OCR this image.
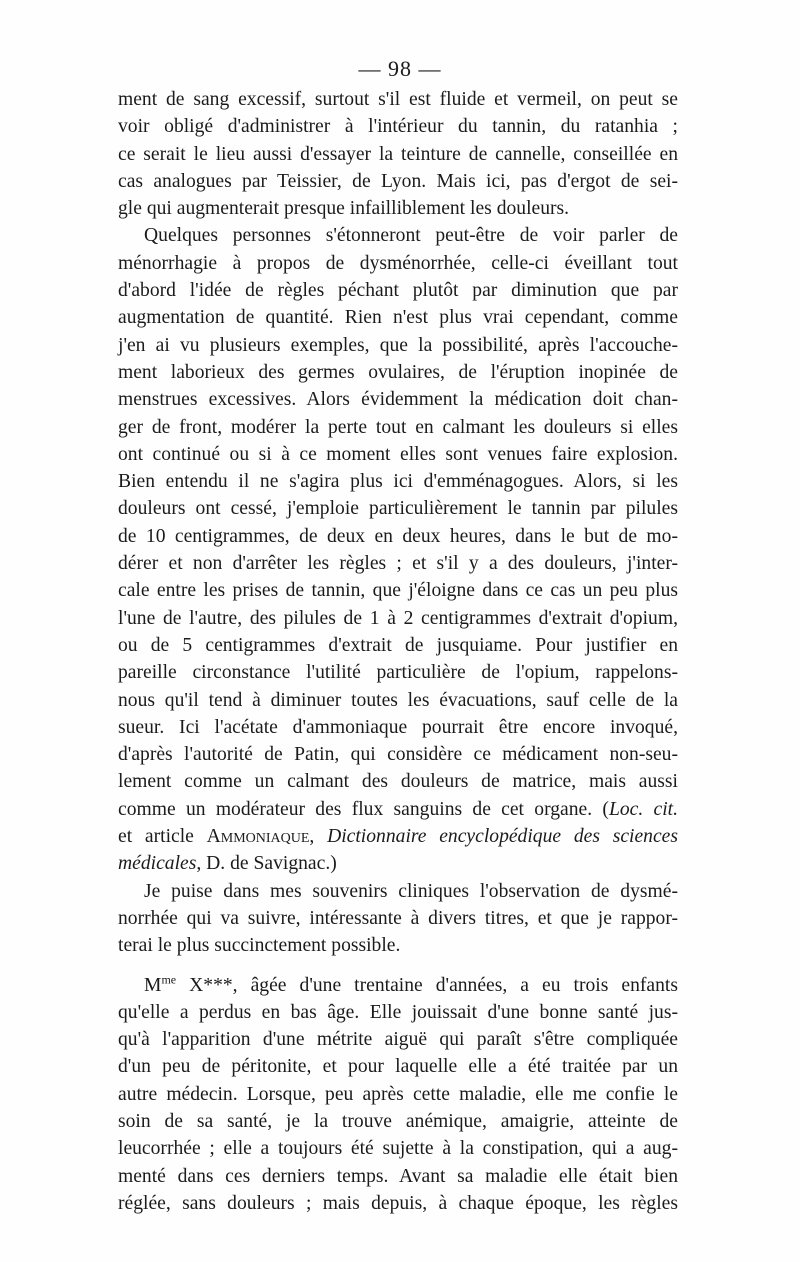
— 98 —
ment de sang excessif, surtout s'il est fluide et vermeil, on peut se
voir obligé d'administrer à l'intérieur du tannin, du ratanhia ;
ce serait le lieu aussi d'essayer la teinture de cannelle, conseillée en
cas analogues par Teissier, de Lyon. Mais ici, pas d'ergot de sei-
gle qui augmenterait presque infailliblement les douleurs.
Quelques personnes s'étonneront peut-être de voir parler de
ménorrhagie à propos de dysménorrhée, celle-ci éveillant tout
d'abord l'idée de règles péchant plutôt par diminution que par
augmentation de quantité. Rien n'est plus vrai cependant, comme
j'en ai vu plusieurs exemples, que la possibilité, après l'accouche-
ment laborieux des germes ovulaires, de l'éruption inopinée de
menstrues excessives. Alors évidemment la médication doit chan-
ger de front, modérer la perte tout en calmant les douleurs si elles
ont continué ou si à ce moment elles sont venues faire explosion.
Bien entendu il ne s'agira plus ici d'emménagogues. Alors, si les
douleurs ont cessé, j'emploie particulièrement le tannin par pilules
de 10 centigrammes, de deux en deux heures, dans le but de mo-
dérer et non d'arrêter les règles ; et s'il y a des douleurs, j'inter-
cale entre les prises de tannin, que j'éloigne dans ce cas un peu plus
l'une de l'autre, des pilules de 1 à 2 centigrammes d'extrait d'opium,
ou de 5 centigrammes d'extrait de jusquiame. Pour justifier en
pareille circonstance l'utilité particulière de l'opium, rappelons-
nous qu'il tend à diminuer toutes les évacuations, sauf celle de la
sueur. Ici l'acétate d'ammoniaque pourrait être encore invoqué,
d'après l'autorité de Patin, qui considère ce médicament non-seu-
lement comme un calmant des douleurs de matrice, mais aussi
comme un modérateur des flux sanguins de cet organe. (Loc. cit.
et article Ammoniaque, Dictionnaire encyclopédique des sciences
médicales, D. de Savignac.)
Je puise dans mes souvenirs cliniques l'observation de dysmé-
norrhée qui va suivre, intéressante à divers titres, et que je rappor-
terai le plus succinctement possible.
$M^{me}$ X***, âgée d'une trentaine d'années, a eu trois enfants
qu'elle a perdus en bas âge. Elle jouissait d'une bonne santé jus-
qu'à l'apparition d'une métrite aiguë qui paraît s'être compliquée
d'un peu de péritonite, et pour laquelle elle a été traitée par un
autre médecin. Lorsque, peu après cette maladie, elle me confie le
soin de sa santé, je la trouve anémique, amaigrie, atteinte de
leucorrhée ; elle a toujours été sujette à la constipation, qui a aug-
menté dans ces derniers temps. Avant sa maladie elle était bien
réglée, sans douleurs ; mais depuis, à chaque époque, les règles
